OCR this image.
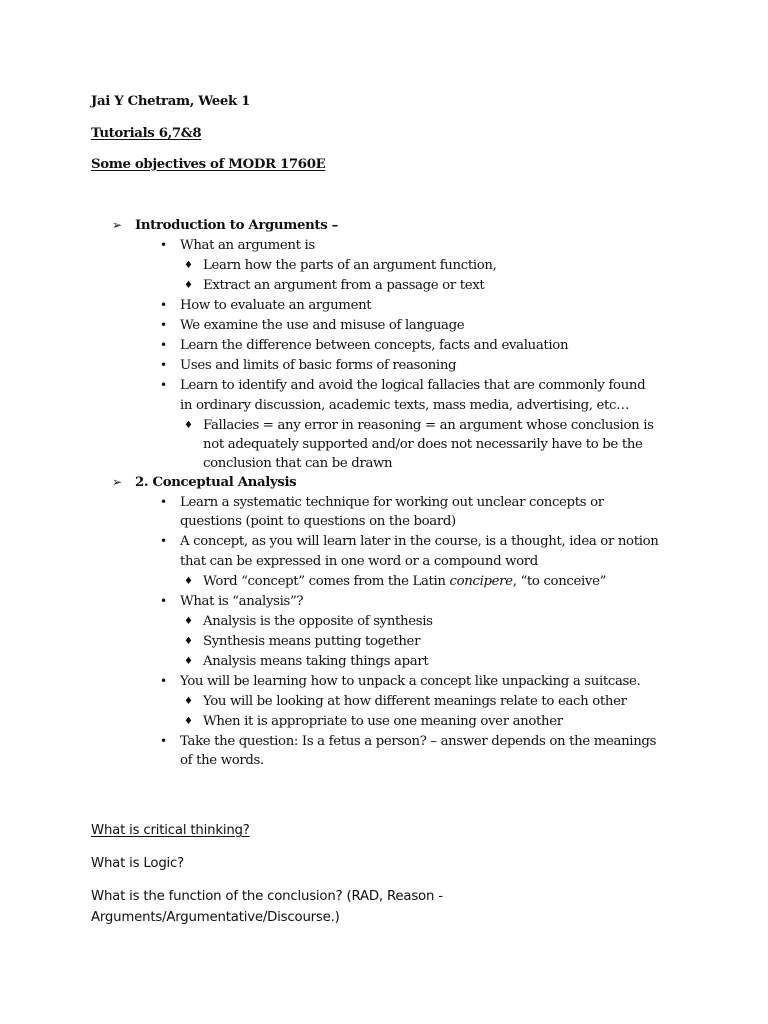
Jai Y Chetram, Week 1
Tutorials 6,7&8
Some objectives of MODR 1760E
➢ Introduction to Arguments –
• What an argument is
♦ Learn how the parts of an argument function,
♦ Extract an argument from a passage or text
• How to evaluate an argument
• We examine the use and misuse of language
• Learn the difference between concepts, facts and evaluation
• Uses and limits of basic forms of reasoning
• Learn to identify and avoid the logical fallacies that are commonly found
in ordinary discussion, academic texts, mass media, advertising, etc…
♦ Fallacies = any error in reasoning = an argument whose conclusion is
not adequately supported and/or does not necessarily have to be the
conclusion that can be drawn
➢ 2. Conceptual Analysis
• Learn a systematic technique for working out unclear concepts or
questions (point to questions on the board)
• A concept, as you will learn later in the course, is a thought, idea or notion
that can be expressed in one word or a compound word
♦ Word “concept” comes from the Latin concipere, “to conceive”
• What is “analysis”?
♦ Analysis is the opposite of synthesis
♦ Synthesis means putting together
♦ Analysis means taking things apart
• You will be learning how to unpack a concept like unpacking a suitcase.
♦ You will be looking at how different meanings relate to each other
♦ When it is appropriate to use one meaning over another
• Take the question: Is a fetus a person? – answer depends on the meanings
of the words.
What is critical thinking?
What is Logic?
What is the function of the conclusion? (RAD, Reason -
Arguments/Argumentative/Discourse.)
